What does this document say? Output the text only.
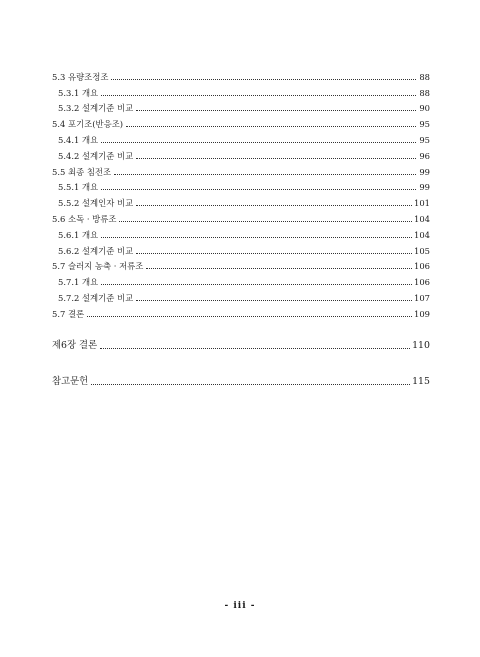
5.3 유량조정조	88
5.3.1 개요	88
5.3.2 설계기준 비교	90
5.4 포기조(반응조)	95
5.4.1 개요	95
5.4.2 설계기준 비교	96
5.5 최종 침전조	99
5.5.1 개요	99
5.5.2 설계인자 비교	101
5.6 소독 · 방류조	104
5.6.1 개요	104
5.6.2 설계기준 비교	105
5.7 슬러지 농축 · 저류조	106
5.7.1 개요	106
5.7.2 설계기준 비교	107
5.7 결론	109
제6장 결론	110
참고문헌	115
- iii -
